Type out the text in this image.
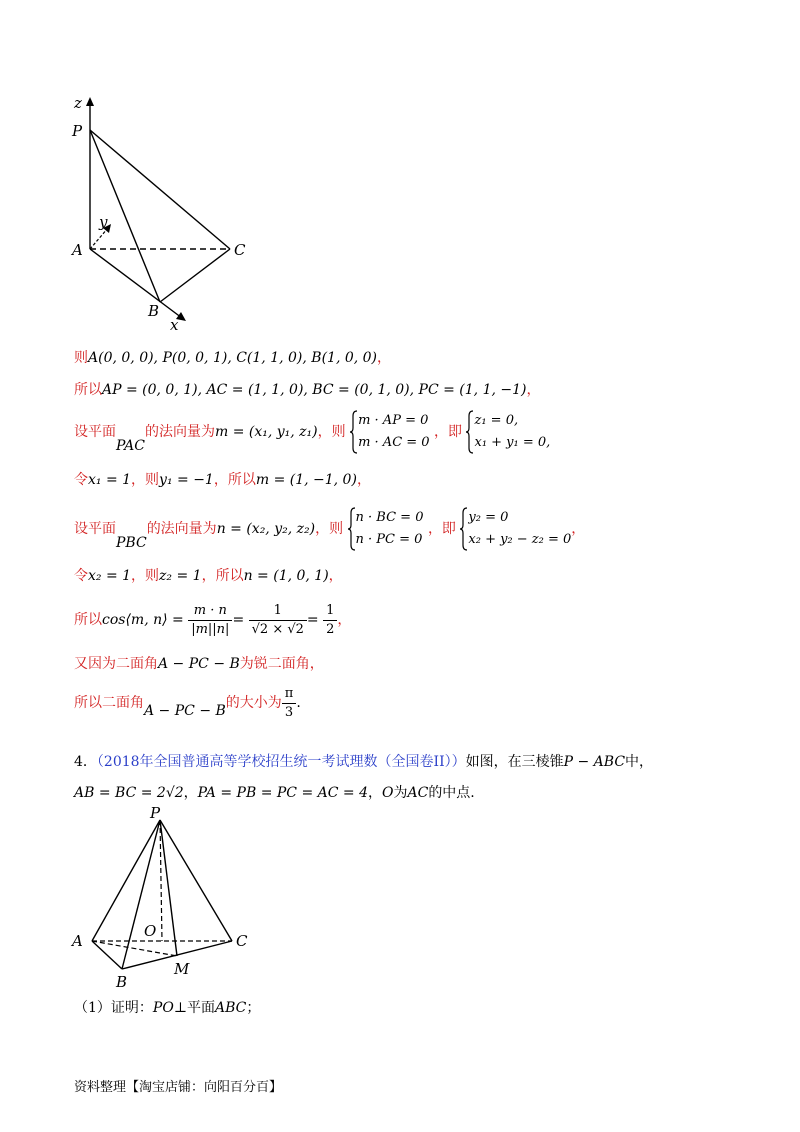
z
P
y
A	C
B
x
则A(0, 0, 0), P(0, 0, 1), C(1, 1, 0), B(1, 0, 0)，
所以AP = (0, 0, 1), AC = (1, 1, 0), BC = (0, 1, 0), PC = (1, 1, −1)，
设平面PAC的法向量为m = (x₁, y₁, z₁)，则
m · AP = 0
m · AC = 0
，即
z₁ = 0,
x₁ + y₁ = 0,
令x₁ = 1，则y₁ = −1，所以m = (1, −1, 0)，
设平面PBC的法向量为n = (x₂, y₂, z₂)，则
n · BC = 0
n · PC = 0
，即
y₂ = 0
x₂ + y₂ − z₂ = 0
，
令x₂ = 1，则z₂ = 1，所以n = (1, 0, 1)，
所以cos⟨m, n⟩ = $\frac{m \cdot n}{|m||n|} = \frac{1}{√2 \times √2} = \frac{1}{2}$ ，
又因为二面角A − PC − B为锐二面角，
所以二面角A − PC − B的大小为 $\frac{\pi}{3}$ .
4．（2018年全国普通高等学校招生统一考试理数（全国卷II））如图，在三棱锥P − ABC中，
AB = BC = 2√2，PA = PB = PC = AC = 4，O为AC的中点.
P
A
O
C
B
M
（1）证明：PO⊥平面ABC；
资料整理【淘宝店铺：向阳百分百】
